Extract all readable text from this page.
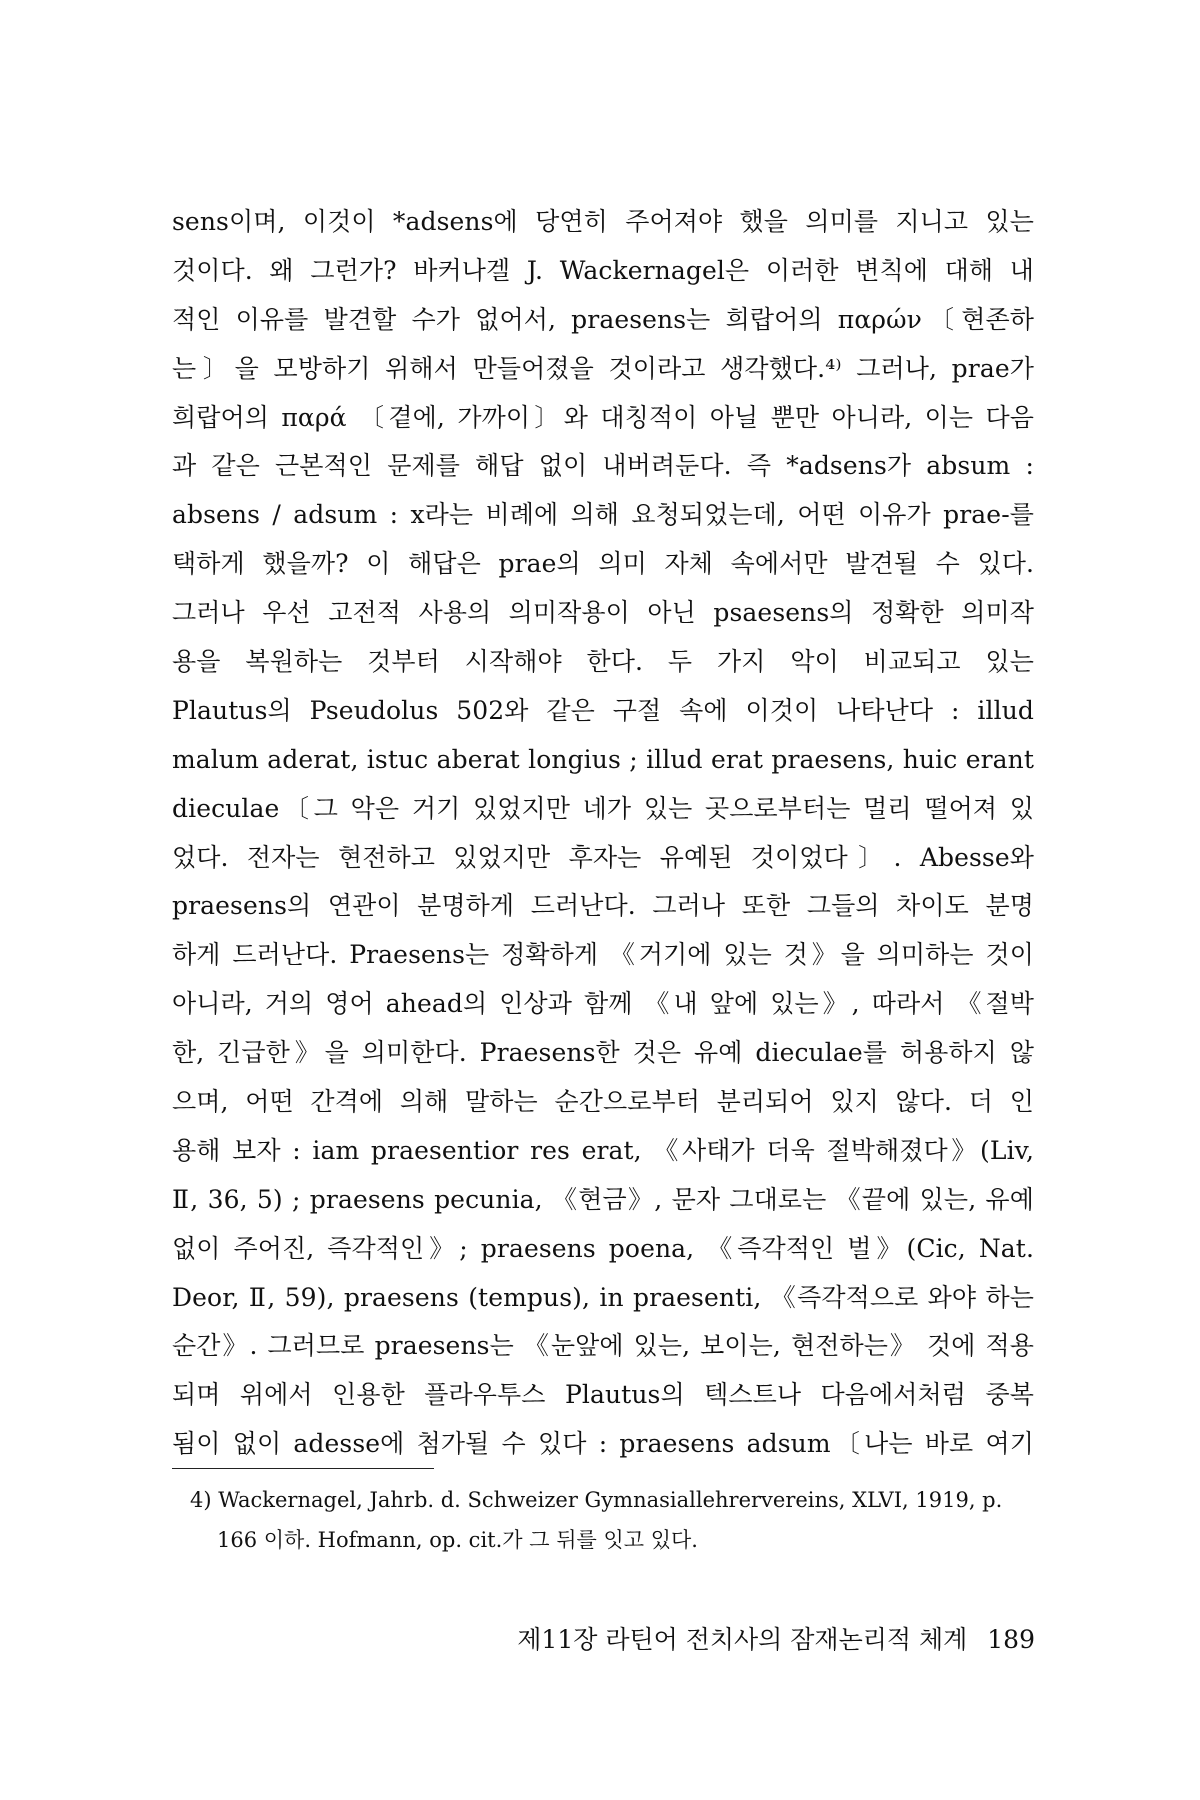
sens이며, 이것이 *adsens에 당연히 주어져야 했을 의미를 지니고 있는
것이다. 왜 그런가? 바커나겔 J. Wackernagel은 이러한 변칙에 대해 내
적인 이유를 발견할 수가 없어서, praesens는 희랍어의 παρών〔현존하
는〕을 모방하기 위해서 만들어졌을 것이라고 생각했다.⁴⁾ 그러나, prae가
희랍어의 παρά 〔곁에, 가까이〕와 대칭적이 아닐 뿐만 아니라, 이는 다음
과 같은 근본적인 문제를 해답 없이 내버려둔다. 즉 *adsens가 absum :
absens / adsum : x라는 비례에 의해 요청되었는데, 어떤 이유가 prae-를
택하게 했을까? 이 해답은 prae의 의미 자체 속에서만 발견될 수 있다.
그러나 우선 고전적 사용의 의미작용이 아닌 psaesens의 정확한 의미작
용을 복원하는 것부터 시작해야 한다. 두 가지 악이 비교되고 있는
Plautus의 Pseudolus 502와 같은 구절 속에 이것이 나타난다 : illud
malum aderat, istuc aberat longius ; illud erat praesens, huic erant
dieculae〔그 악은 거기 있었지만 네가 있는 곳으로부터는 멀리 떨어져 있
었다. 전자는 현전하고 있었지만 후자는 유예된 것이었다〕. Abesse와
praesens의 연관이 분명하게 드러난다. 그러나 또한 그들의 차이도 분명
하게 드러난다. Praesens는 정확하게 《거기에 있는 것》을 의미하는 것이
아니라, 거의 영어 ahead의 인상과 함께 《내 앞에 있는》, 따라서 《절박
한, 긴급한》을 의미한다. Praesens한 것은 유예 dieculae를 허용하지 않
으며, 어떤 간격에 의해 말하는 순간으로부터 분리되어 있지 않다. 더 인
용해 보자 : iam praesentior res erat, 《사태가 더욱 절박해졌다》(Liv,
Ⅱ, 36, 5) ; praesens pecunia, 《현금》, 문자 그대로는 《끝에 있는, 유예
없이 주어진, 즉각적인》; praesens poena, 《즉각적인 벌》(Cic, Nat.
Deor, Ⅱ, 59), praesens (tempus), in praesenti, 《즉각적으로 와야 하는
순간》. 그러므로 praesens는 《눈앞에 있는, 보이는, 현전하는》 것에 적용
되며 위에서 인용한 플라우투스 Plautus의 텍스트나 다음에서처럼 중복
됨이 없이 adesse에 첨가될 수 있다 : praesens adsum〔나는 바로 여기
4) Wackernagel, Jahrb. d. Schweizer Gymnasiallehrervereins, XLVI, 1919, p.
166 이하. Hofmann, op. cit.가 그 뒤를 잇고 있다.
제11장 라틴어 전치사의 잠재논리적 체계 189
